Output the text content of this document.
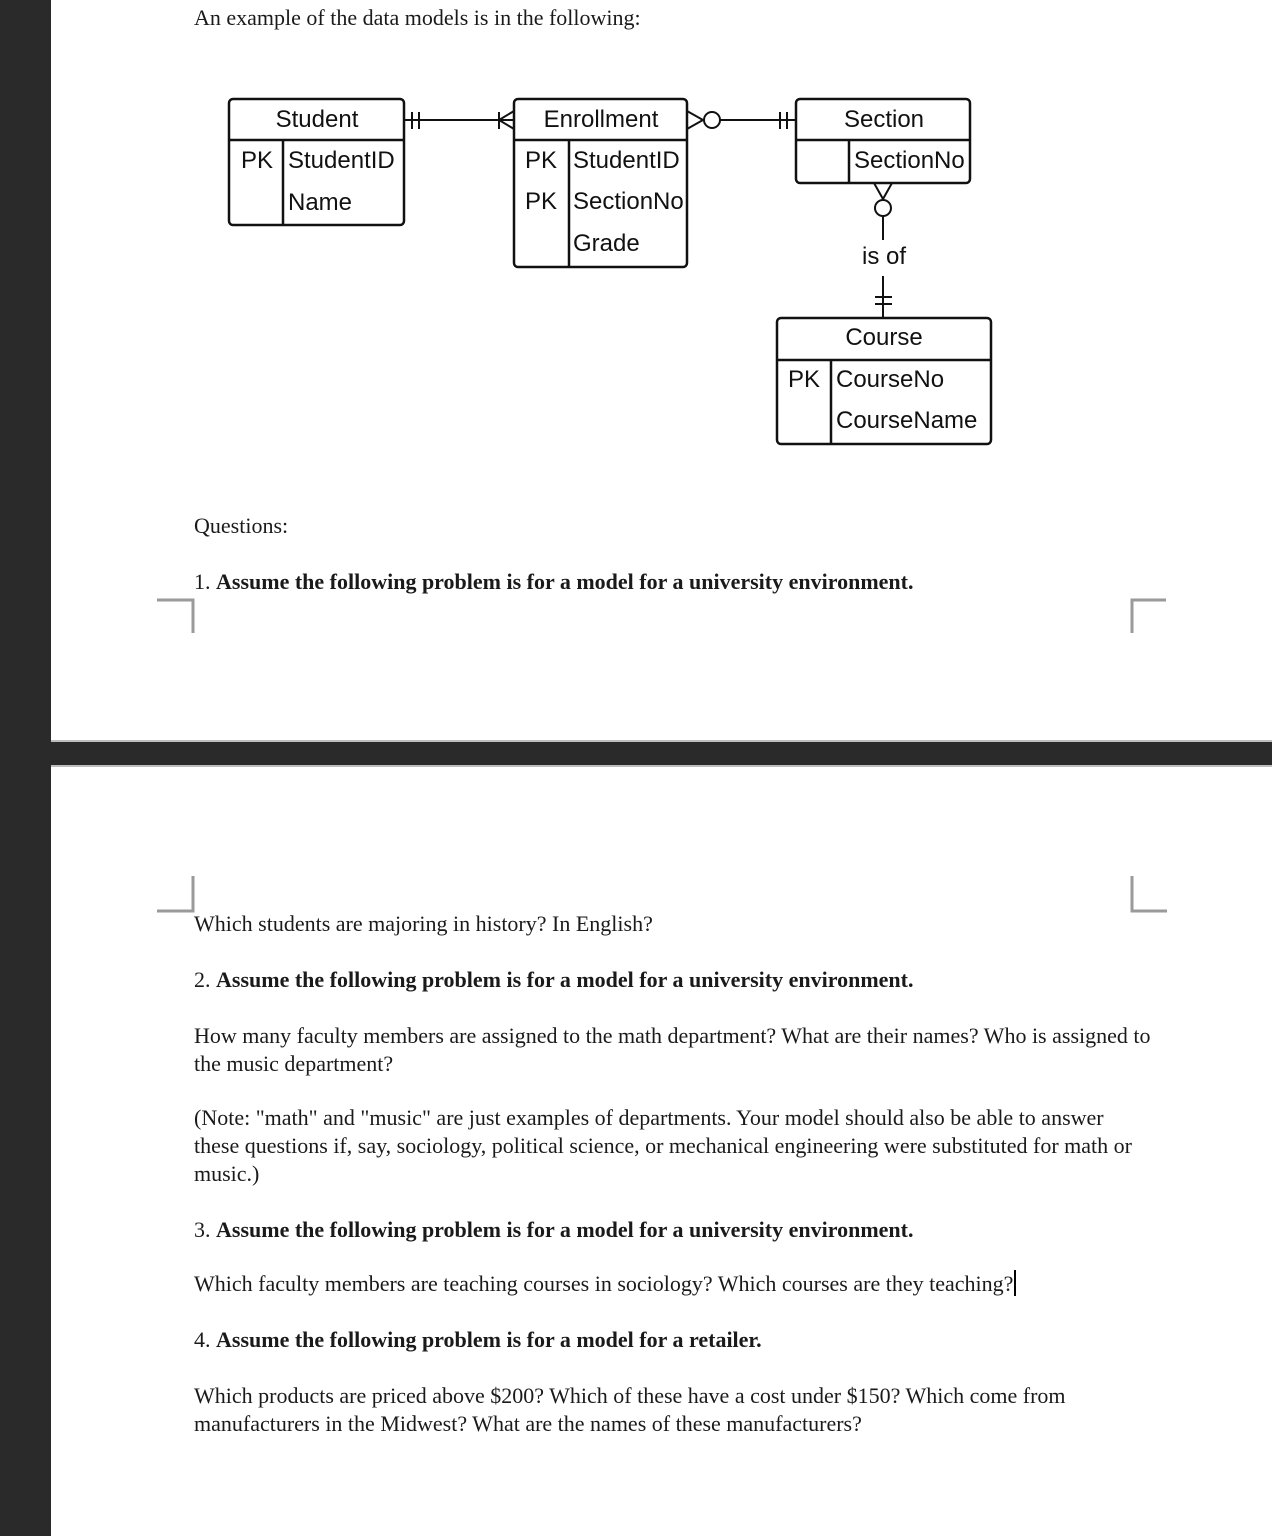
An example of the data models is in the following:
Student	Enrollment	Section
Course
PK StudentID
Name
PK StudentID
PK SectionNo
Grade
SectionNo
is of
PK CourseNo
CourseName
Questions:
1. Assume the following problem is for a model for a university environment.
Which students are majoring in history? In English?
2. Assume the following problem is for a model for a university environment.
How many faculty members are assigned to the math department? What are their names? Who is assigned to the music department?
(Note: "math" and "music" are just examples of departments. Your model should also be able to answer these questions if, say, sociology, political science, or mechanical engineering were substituted for math or music.)
3. Assume the following problem is for a model for a university environment.
Which faculty members are teaching courses in sociology? Which courses are they teaching?
4. Assume the following problem is for a model for a retailer.
Which products are priced above $200? Which of these have a cost under $150? Which come from manufacturers in the Midwest? What are the names of these manufacturers?
